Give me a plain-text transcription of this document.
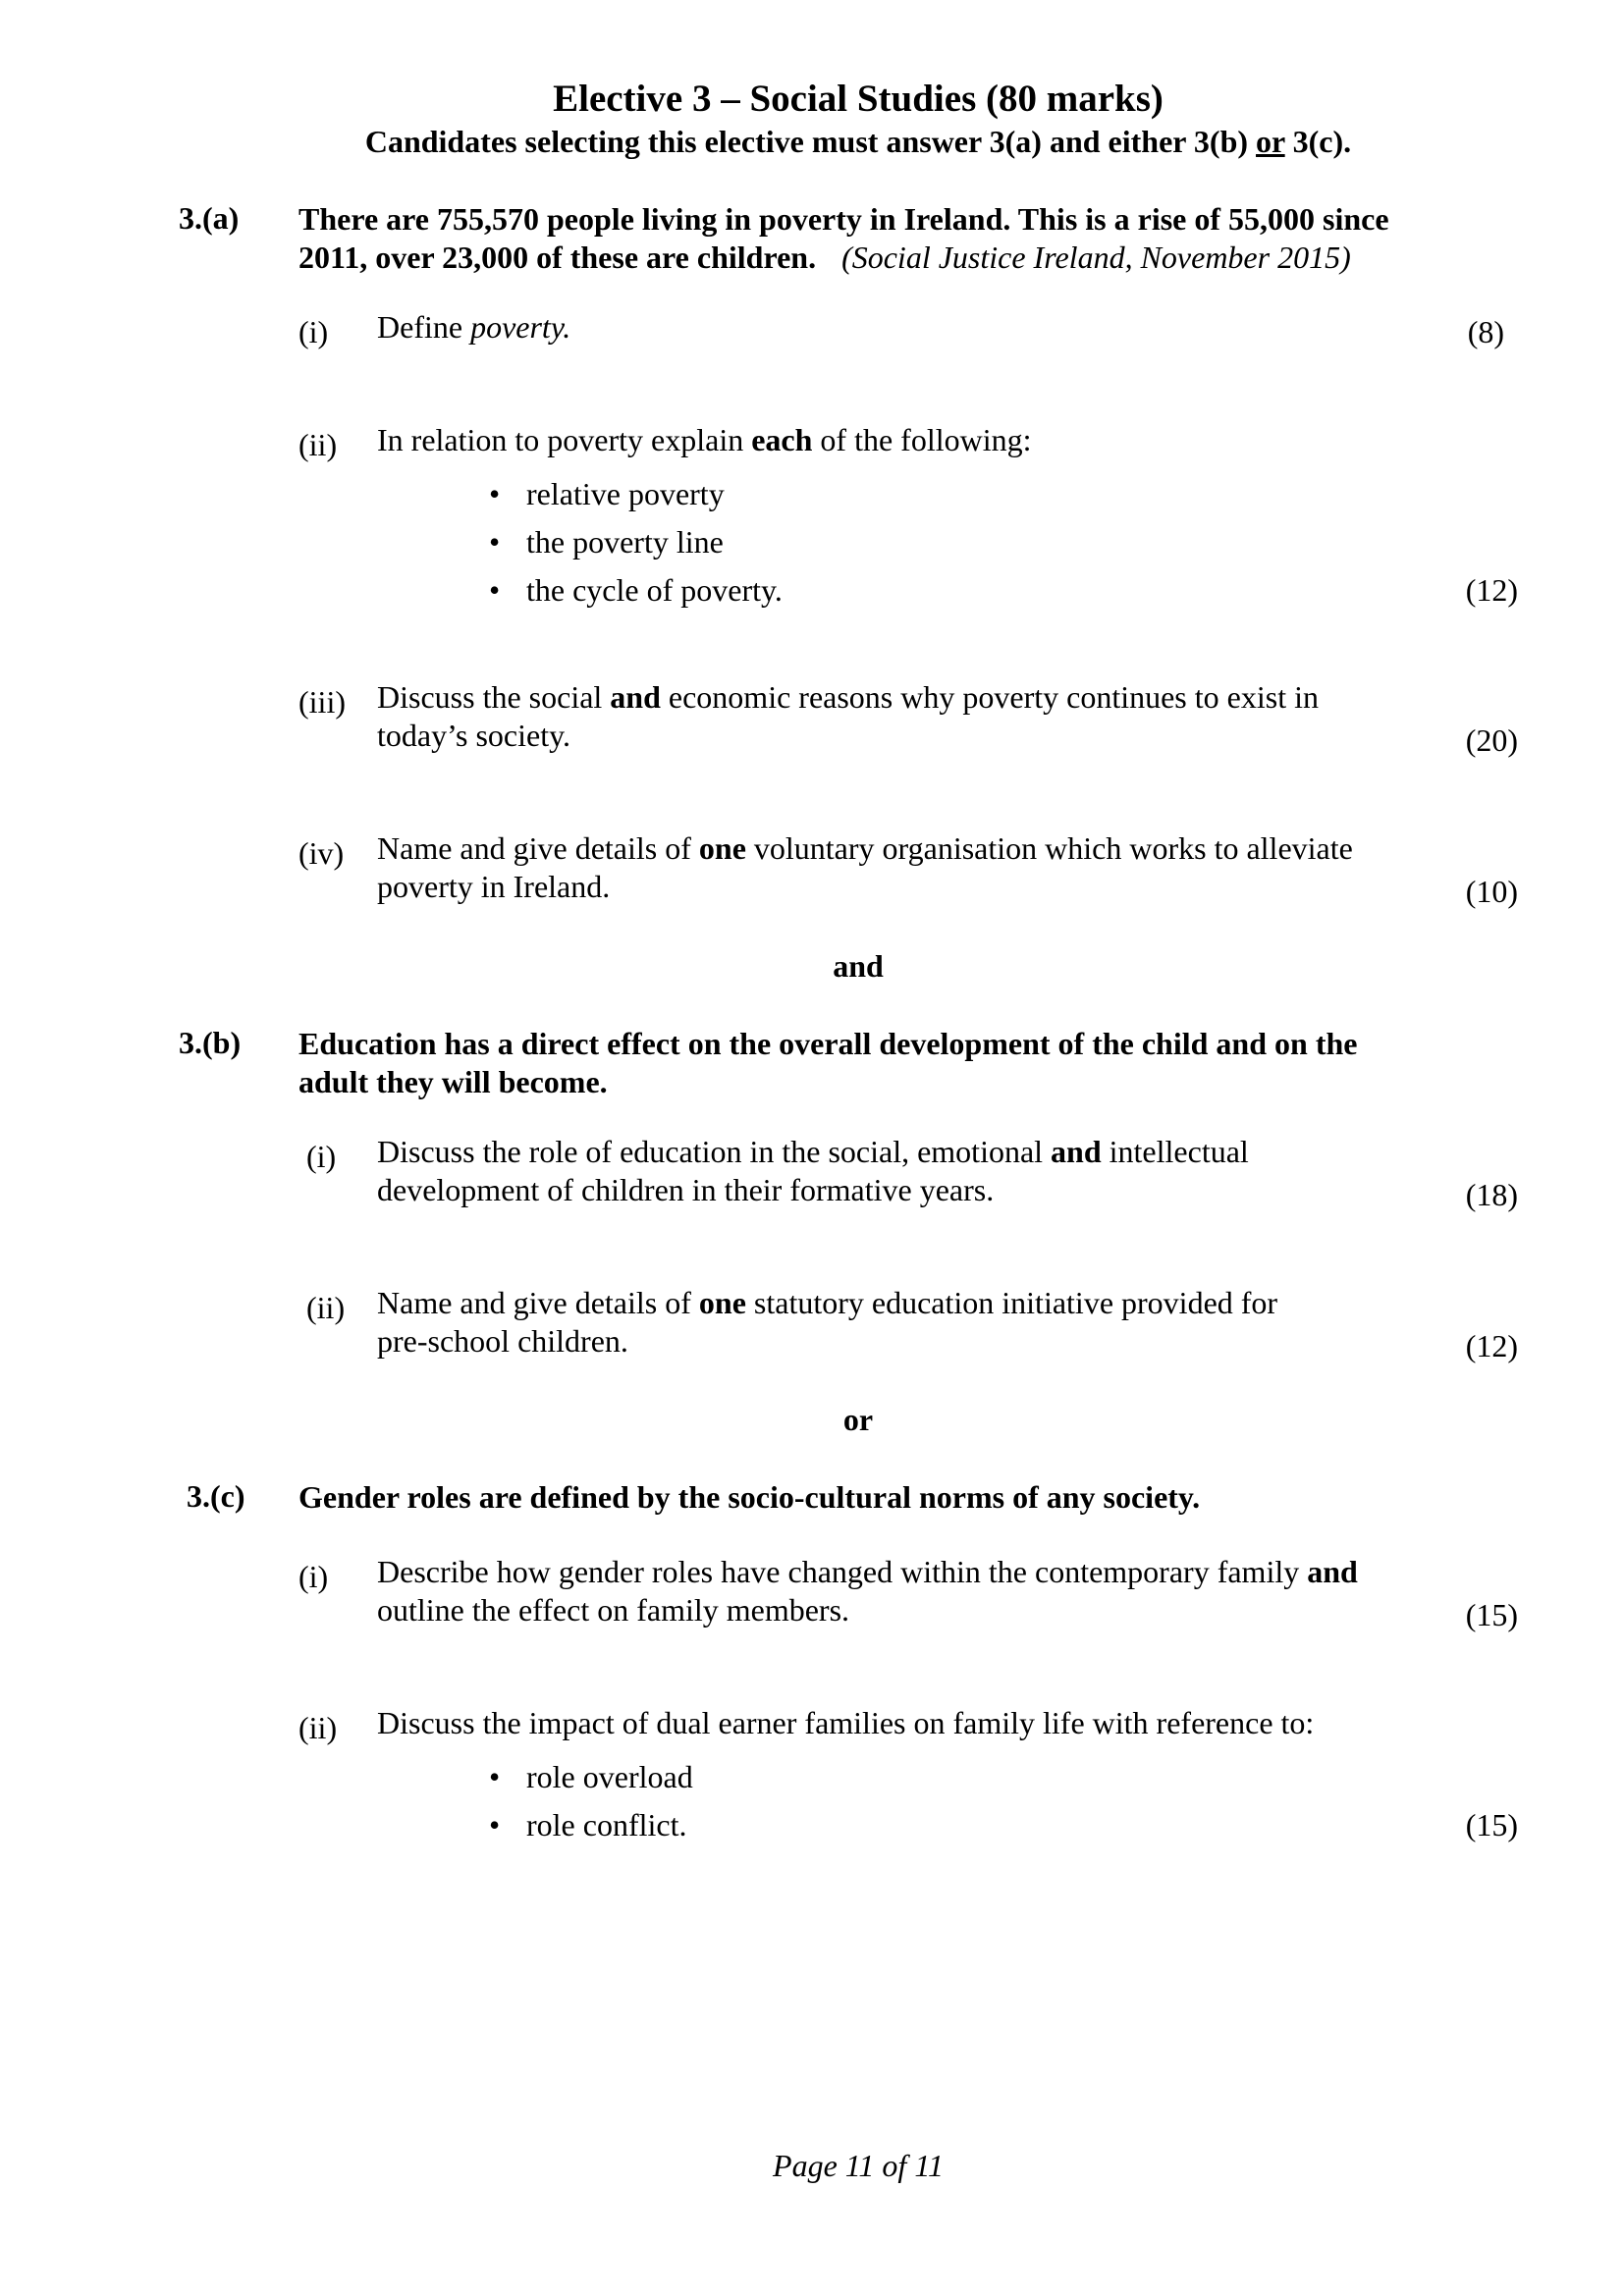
Elective 3 – Social Studies (80 marks)
Candidates selecting this elective must answer 3(a) and either 3(b) or 3(c).
3.(a) There are 755,570 people living in poverty in Ireland. This is a rise of 55,000 since
2011, over 23,000 of these are children. (Social Justice Ireland, November 2015)
(i) Define poverty.	(8)
(ii) In relation to poverty explain each of the following:
• relative poverty
• the poverty line
• the cycle of poverty.	(12)
(iii) Discuss the social and economic reasons why poverty continues to exist in
today’s society.	(20)
(iv) Name and give details of one voluntary organisation which works to alleviate
poverty in Ireland.	(10)
and
3.(b) Education has a direct effect on the overall development of the child and on the
adult they will become.
(i) Discuss the role of education in the social, emotional and intellectual
development of children in their formative years.	(18)
(ii) Name and give details of one statutory education initiative provided for
pre-school children.	(12)
or
3.(c) Gender roles are defined by the socio-cultural norms of any society.
(i) Describe how gender roles have changed within the contemporary family and
outline the effect on family members.	(15)
(ii) Discuss the impact of dual earner families on family life with reference to:
• role overload
• role conflict.	(15)
Page 11 of 11
